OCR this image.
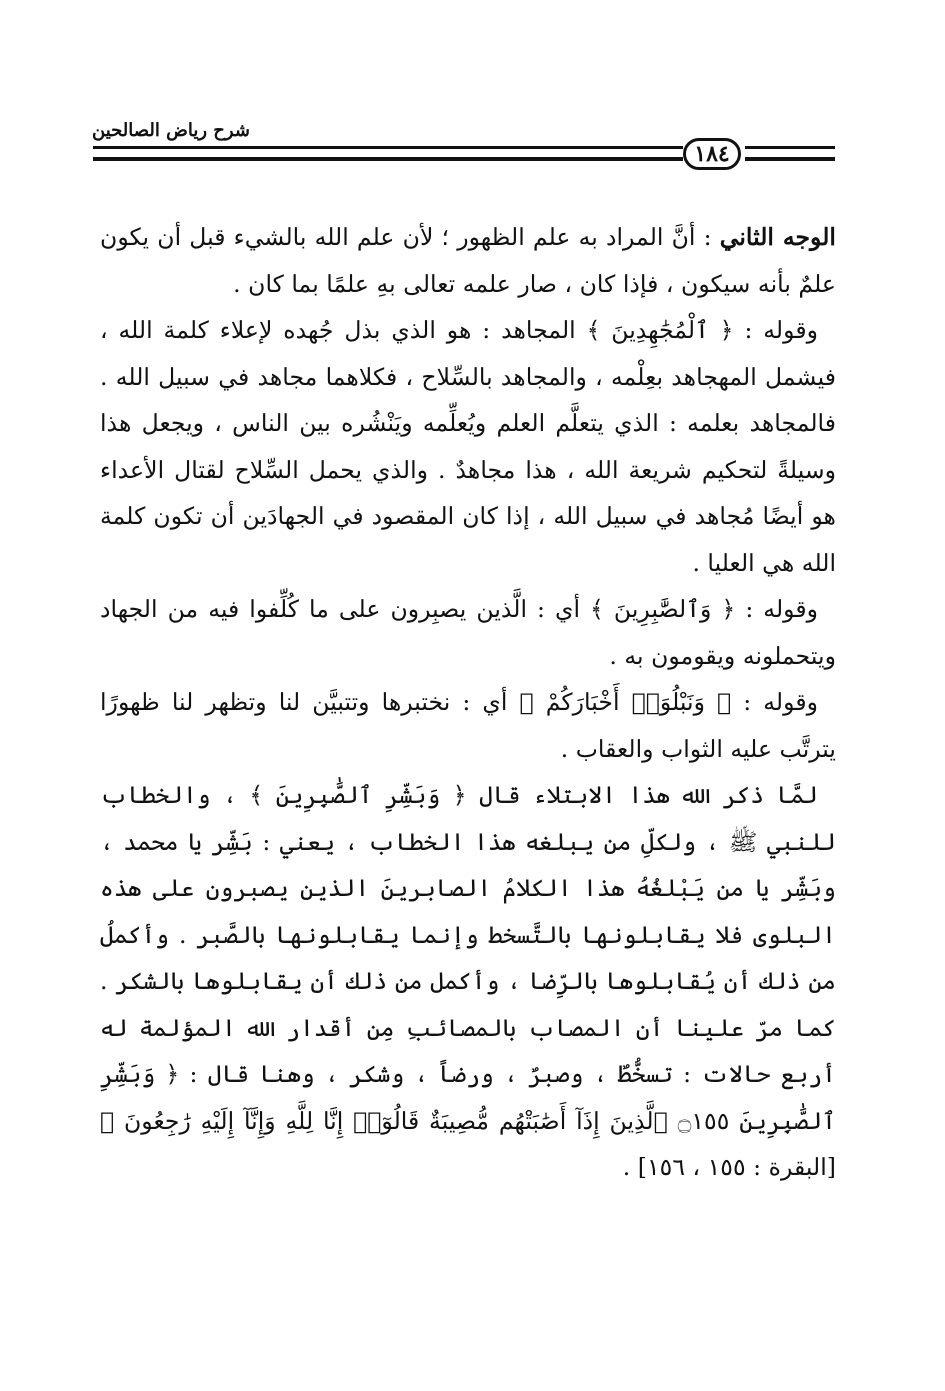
شرح رياض الصالحين
١٨٤

الوجه الثاني : أنَّ المراد به علم الظهور ؛ لأن علم الله بالشيء قبل أن يكون علمٌ بأنه سيكون ، فإذا كان ، صار علمه تعالى بهِ علمًا بما كان .

وقوله : ﴿ ٱلْمُجَٰهِدِينَ ﴾ المجاهد : هو الذي بذل جُهده لإعلاء كلمة الله ، فيشمل المهجاهد بعِلْمه ، والمجاهد بالسِّلاح ، فكلاهما مجاهد في سبيل الله . فالمجاهد بعلمه : الذي يتعلَّم العلم ويُعلِّمه ويَنْشُره بين الناس ، ويجعل هذا وسيلةً لتحكيم شريعة الله ، هذا مجاهدٌ . والذي يحمل السِّلاح لقتال الأعداء هو أيضًا مُجاهد في سبيل الله ، إذا كان المقصود في الجهادَين أن تكون كلمة الله هي العليا .

وقوله : ﴿ وَٱلصَّٰبِرِينَ ﴾ أي : الَّذين يصبِرون على ما كُلِّفوا فيه من الجهاد ويتحملونه ويقومون به .

وقوله : ﴿ وَنَبْلُوَا۟ أَخْبَارَكُمْ ﴾ أي : نختبرها وتتبيَّن لنا وتظهر لنا ظهورًا يترتَّب عليه الثواب والعقاب .

لمَّا ذكر الله هذا الابتلاء قال ﴿ وَبَشِّرِ ٱلصَّٰبِرِينَ ﴾ ، والخطاب للنبي ﷺ ، ولكلِّ من يبلغه هذا الخطاب ، يعني : بَشِّر يا محمد ، وبَشِّر يا من يَبْلغُهُ هذا الكلامُ الصابرينَ الذين يصبرون على هذه البلوى فلا يقابلونها بالتَّسخط وإنما يقابلونها بالصَّبر . وأكملُ من ذلك أن يُقابلوها بالرِّضا ، وأكمل من ذلك أن يقابلوها بالشكر . كما مرّ علينا أن المصاب بالمصائبِ مِن أقدار الله المؤلمة له أربع حالات : تسخُّطٌ ، وصبرٌ ، ورضاً ، وشكر ، وهنا قال : ﴿ وَبَشِّرِ ٱلصَّٰبِرِينَ ۝١٥٥ ٱلَّذِينَ إِذَآ أَصَٰبَتْهُم مُّصِيبَةٌ قَالُوٓا۟ إِنَّا لِلَّهِ وَإِنَّآ إِلَيْهِ رَٰجِعُونَ ﴾ [البقرة : ١٥٥ ، ١٥٦] .
